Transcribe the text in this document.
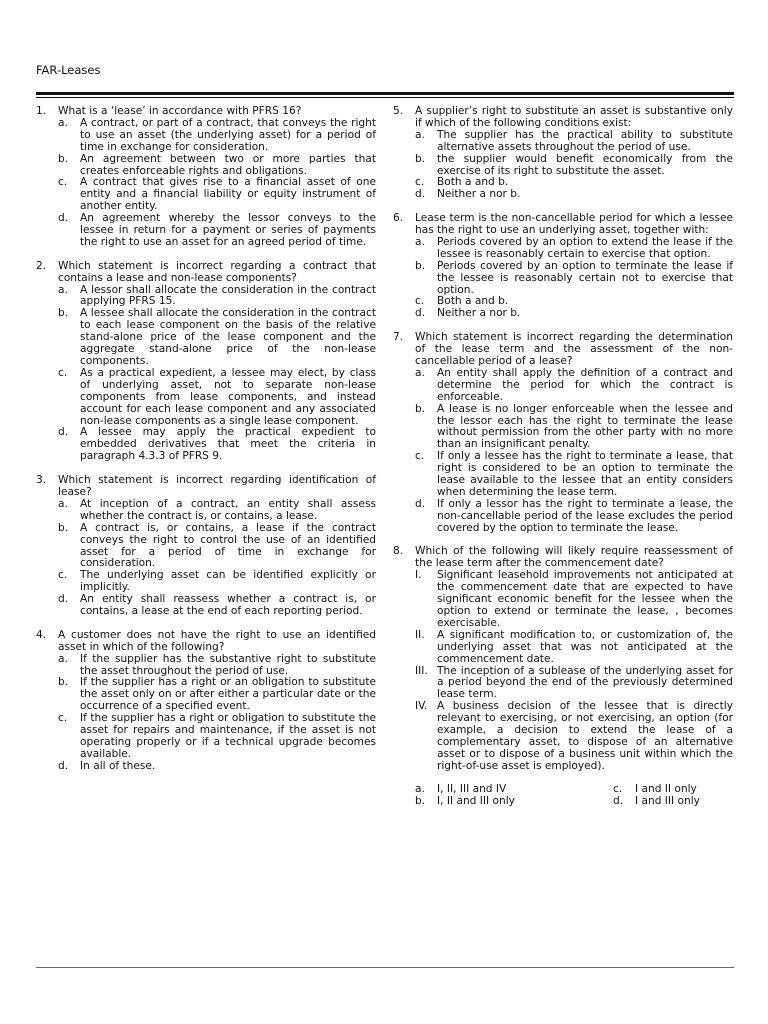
FAR-Leases
1.	What is a ‘lease’ in accordance with PFRS 16?
a.	A contract, or part of a contract, that conveys the right to use an asset (the underlying asset) for a period of time in exchange for consideration.
b.	An agreement between two or more parties that creates enforceable rights and obligations.
c.	A contract that gives rise to a financial asset of one entity and a financial liability or equity instrument of another entity.
d.	An agreement whereby the lessor conveys to the lessee in return for a payment or series of payments the right to use an asset for an agreed period of time.
2.	Which statement is incorrect regarding a contract that contains a lease and non-lease components?
a.	A lessor shall allocate the consideration in the contract applying PFRS 15.
b.	A lessee shall allocate the consideration in the contract to each lease component on the basis of the relative stand-alone price of the lease component and the aggregate stand-alone price of the non-lease components.
c.	As a practical expedient, a lessee may elect, by class of underlying asset, not to separate non-lease components from lease components, and instead account for each lease component and any associated non-lease components as a single lease component.
d.	A lessee may apply the practical expedient to embedded derivatives that meet the criteria in paragraph 4.3.3 of PFRS 9.
3.	Which statement is incorrect regarding identification of lease?
a.	At inception of a contract, an entity shall assess whether the contract is, or contains, a lease.
b.	A contract is, or contains, a lease if the contract conveys the right to control the use of an identified asset for a period of time in exchange for consideration.
c.	The underlying asset can be identified explicitly or implicitly.
d.	An entity shall reassess whether a contract is, or contains, a lease at the end of each reporting period.
4.	A customer does not have the right to use an identified asset in which of the following?
a.	If the supplier has the substantive right to substitute the asset throughout the period of use.
b.	If the supplier has a right or an obligation to substitute the asset only on or after either a particular date or the occurrence of a specified event.
c.	If the supplier has a right or obligation to substitute the asset for repairs and maintenance, if the asset is not operating properly or if a technical upgrade becomes available.
d.	In all of these.
5.	A supplier’s right to substitute an asset is substantive only if which of the following conditions exist:
a.	The supplier has the practical ability to substitute alternative assets throughout the period of use.
b.	the supplier would benefit economically from the exercise of its right to substitute the asset.
c.	Both a and b.
d.	Neither a nor b.
6.	Lease term is the non-cancellable period for which a lessee has the right to use an underlying asset, together with:
a.	Periods covered by an option to extend the lease if the lessee is reasonably certain to exercise that option.
b.	Periods covered by an option to terminate the lease if the lessee is reasonably certain not to exercise that option.
c.	Both a and b.
d.	Neither a nor b.
7.	Which statement is incorrect regarding the determination of the lease term and the assessment of the non-cancellable period of a lease?
a.	An entity shall apply the definition of a contract and determine the period for which the contract is enforceable.
b.	A lease is no longer enforceable when the lessee and the lessor each has the right to terminate the lease without permission from the other party with no more than an insignificant penalty.
c.	If only a lessee has the right to terminate a lease, that right is considered to be an option to terminate the lease available to the lessee that an entity considers when determining the lease term.
d.	If only a lessor has the right to terminate a lease, the non-cancellable period of the lease excludes the period covered by the option to terminate the lease.
8.	Which of the following will likely require reassessment of the lease term after the commencement date?
I.	Significant leasehold improvements not anticipated at the commencement date that are expected to have significant economic benefit for the lessee when the option to extend or terminate the lease, , becomes exercisable.
II.	A significant modification to, or customization of, the underlying asset that was not anticipated at the commencement date.
III. The inception of a sublease of the underlying asset for a period beyond the end of the previously determined lease term.
IV. A business decision of the lessee that is directly relevant to exercising, or not exercising, an option (for example, a decision to extend the lease of a complementary asset, to dispose of an alternative asset or to dispose of a business unit within which the right-of-use asset is employed).
a.	I, II, III and IV	c.	I and II only
b.	I, II and III only	d.	I and III only
